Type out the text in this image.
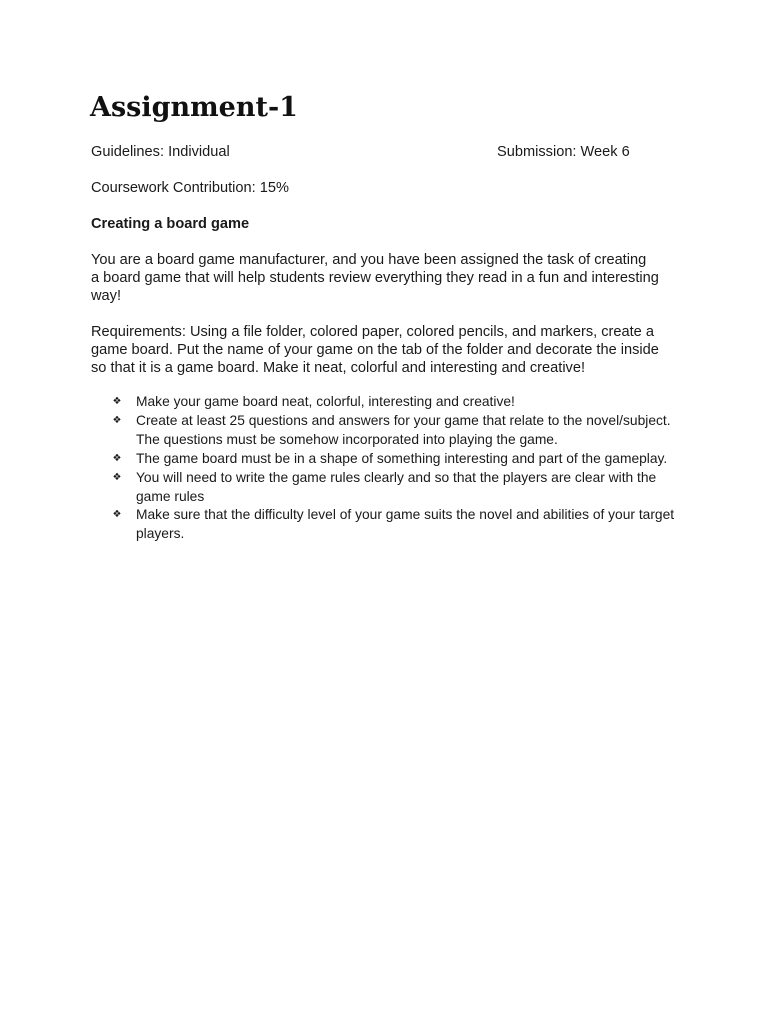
Assignment-1

Guidelines: Individual	Submission: Week 6

Coursework Contribution: 15%

Creating a board game

You are a board game manufacturer, and you have been assigned the task of creating
a board game that will help students review everything they read in a fun and interesting
way!

Requirements: Using a file folder, colored paper, colored pencils, and markers, create a
game board. Put the name of your game on the tab of the folder and decorate the inside
so that it is a game board. Make it neat, colorful and interesting and creative!

❖ Make your game board neat, colorful, interesting and creative!
❖ Create at least 25 questions and answers for your game that relate to the novel/subject.
The questions must be somehow incorporated into playing the game.
❖ The game board must be in a shape of something interesting and part of the gameplay.
❖ You will need to write the game rules clearly and so that the players are clear with the
game rules
❖ Make sure that the difficulty level of your game suits the novel and abilities of your target
players.
